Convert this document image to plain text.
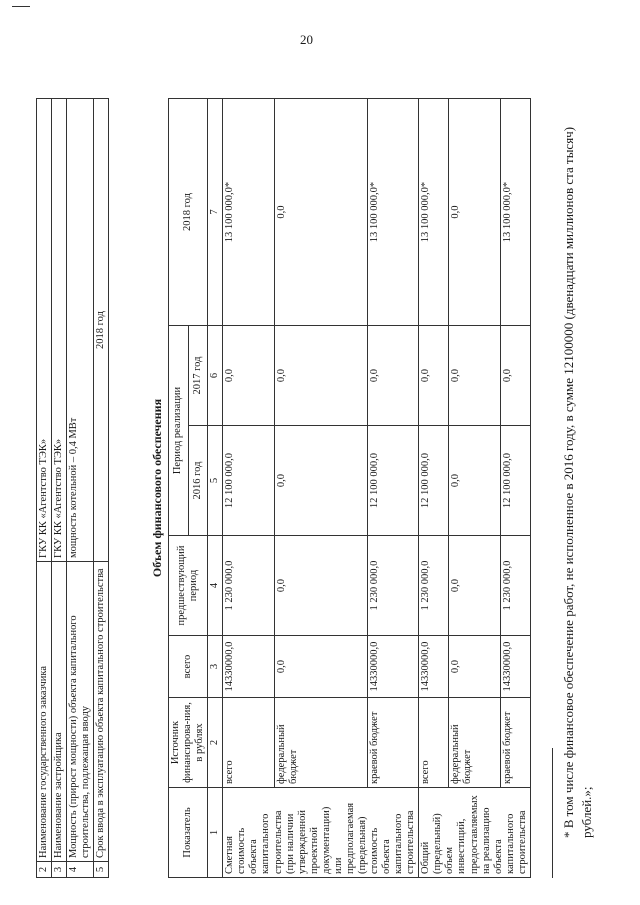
20
2	Наименование государственного заказчика	ГКУ КК «Агентство ТЭК»
3	Наименование застройщика	ГКУ КК «Агентство ТЭК»
4	Мощность (прирост мощности) объекта капитального строительства, подлежащая вводу	мощность котельной – 0,4 МВт
5	Срок ввода в эксплуатацию объекта капитального строительства	2018 год
Объем финансового обеспечения
Показатель	Источник финансирова-ния, в рублях	всего	предшествующий период	Период реализации		2018 год
				2016 год	2017 год	
1	2	3	4	5	6	7
Сметная стоимость объекта капитального строительства (при наличии утвержденной проектной документации) или предполагаемая (предельная) стоимость объекта капитального строительства	всего	14330000,0	1 230 000,0	12 100 000,0	0,0	13 100 000,0*
	федеральный бюджет	0,0	0,0	0,0	0,0	0,0
	краевой бюджет	14330000,0	1 230 000,0	12 100 000,0	0,0	13 100 000,0*
Общий (предельный) объем инвестиций, предоставляемых на реализацию объекта капитального строительства	всего	14330000,0	1 230 000,0	12 100 000,0	0,0	13 100 000,0*
	федеральный бюджет	0,0	0,0	0,0	0,0	0,0
	краевой бюджет	14330000,0	1 230 000,0	12 100 000,0	0,0	13 100 000,0*	* В том числе финансовое обеспечение работ, не исполненное в 2016 году, в сумме 12100000 (двенадцати миллионов ста тысяч) рублей.»;
